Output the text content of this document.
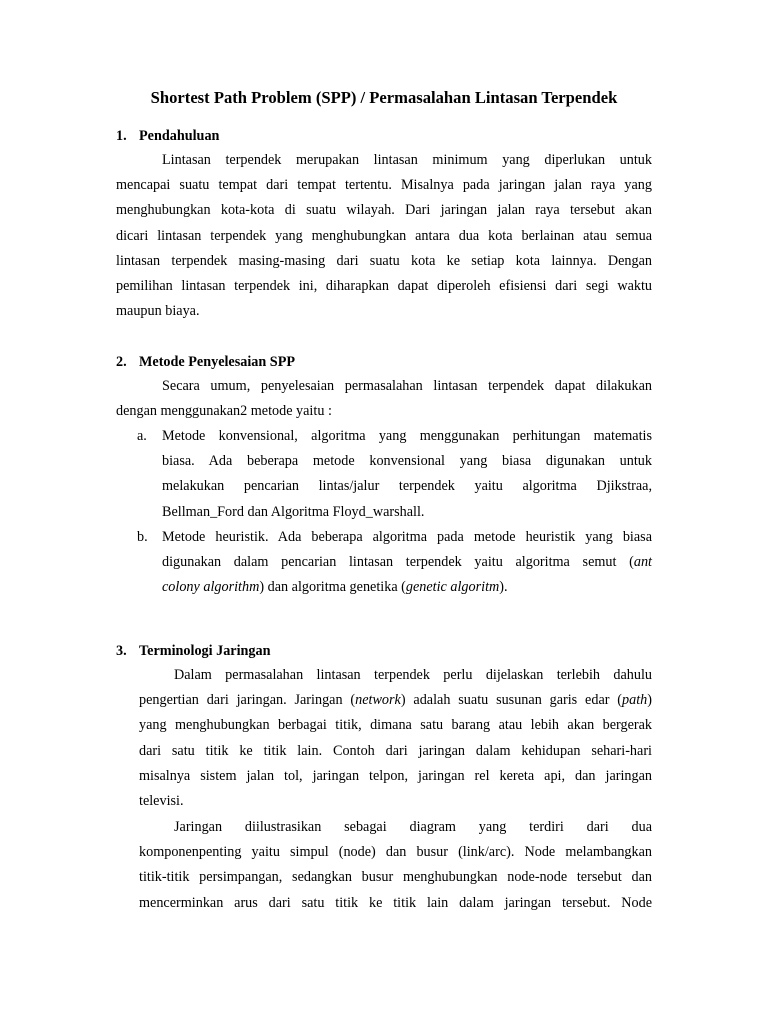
Shortest Path Problem (SPP) / Permasalahan Lintasan Terpendek
1. Pendahuluan
Lintasan terpendek merupakan lintasan minimum yang diperlukan untuk
mencapai suatu tempat dari tempat tertentu. Misalnya pada jaringan jalan raya yang
menghubungkan kota-kota di suatu wilayah. Dari jaringan jalan raya tersebut akan
dicari lintasan terpendek yang menghubungkan antara dua kota berlainan atau semua
lintasan terpendek masing-masing dari suatu kota ke setiap kota lainnya. Dengan
pemilihan lintasan terpendek ini, diharapkan dapat diperoleh efisiensi dari segi waktu
maupun biaya.
2. Metode Penyelesaian SPP
Secara umum, penyelesaian permasalahan lintasan terpendek dapat dilakukan
dengan menggunakan2 metode yaitu :
a. Metode konvensional, algoritma yang menggunakan perhitungan matematis
biasa. Ada beberapa metode konvensional yang biasa digunakan untuk
melakukan pencarian lintas/jalur terpendek yaitu algoritma Djikstraa,
Bellman_Ford dan Algoritma Floyd_warshall.
b. Metode heuristik. Ada beberapa algoritma pada metode heuristik yang biasa
digunakan dalam pencarian lintasan terpendek yaitu algoritma semut (ant
colony algorithm) dan algoritma genetika (genetic algoritm).
3. Terminologi Jaringan
Dalam permasalahan lintasan terpendek perlu dijelaskan terlebih dahulu
pengertian dari jaringan. Jaringan (network) adalah suatu susunan garis edar (path)
yang menghubungkan berbagai titik, dimana satu barang atau lebih akan bergerak
dari satu titik ke titik lain. Contoh dari jaringan dalam kehidupan sehari-hari
misalnya sistem jalan tol, jaringan telpon, jaringan rel kereta api, dan jaringan
televisi.
Jaringan diilustrasikan sebagai diagram yang terdiri dari dua
komponenpenting yaitu simpul (node) dan busur (link/arc). Node melambangkan
titik-titik persimpangan, sedangkan busur menghubungkan node-node tersebut dan
mencerminkan arus dari satu titik ke titik lain dalam jaringan tersebut. Node
